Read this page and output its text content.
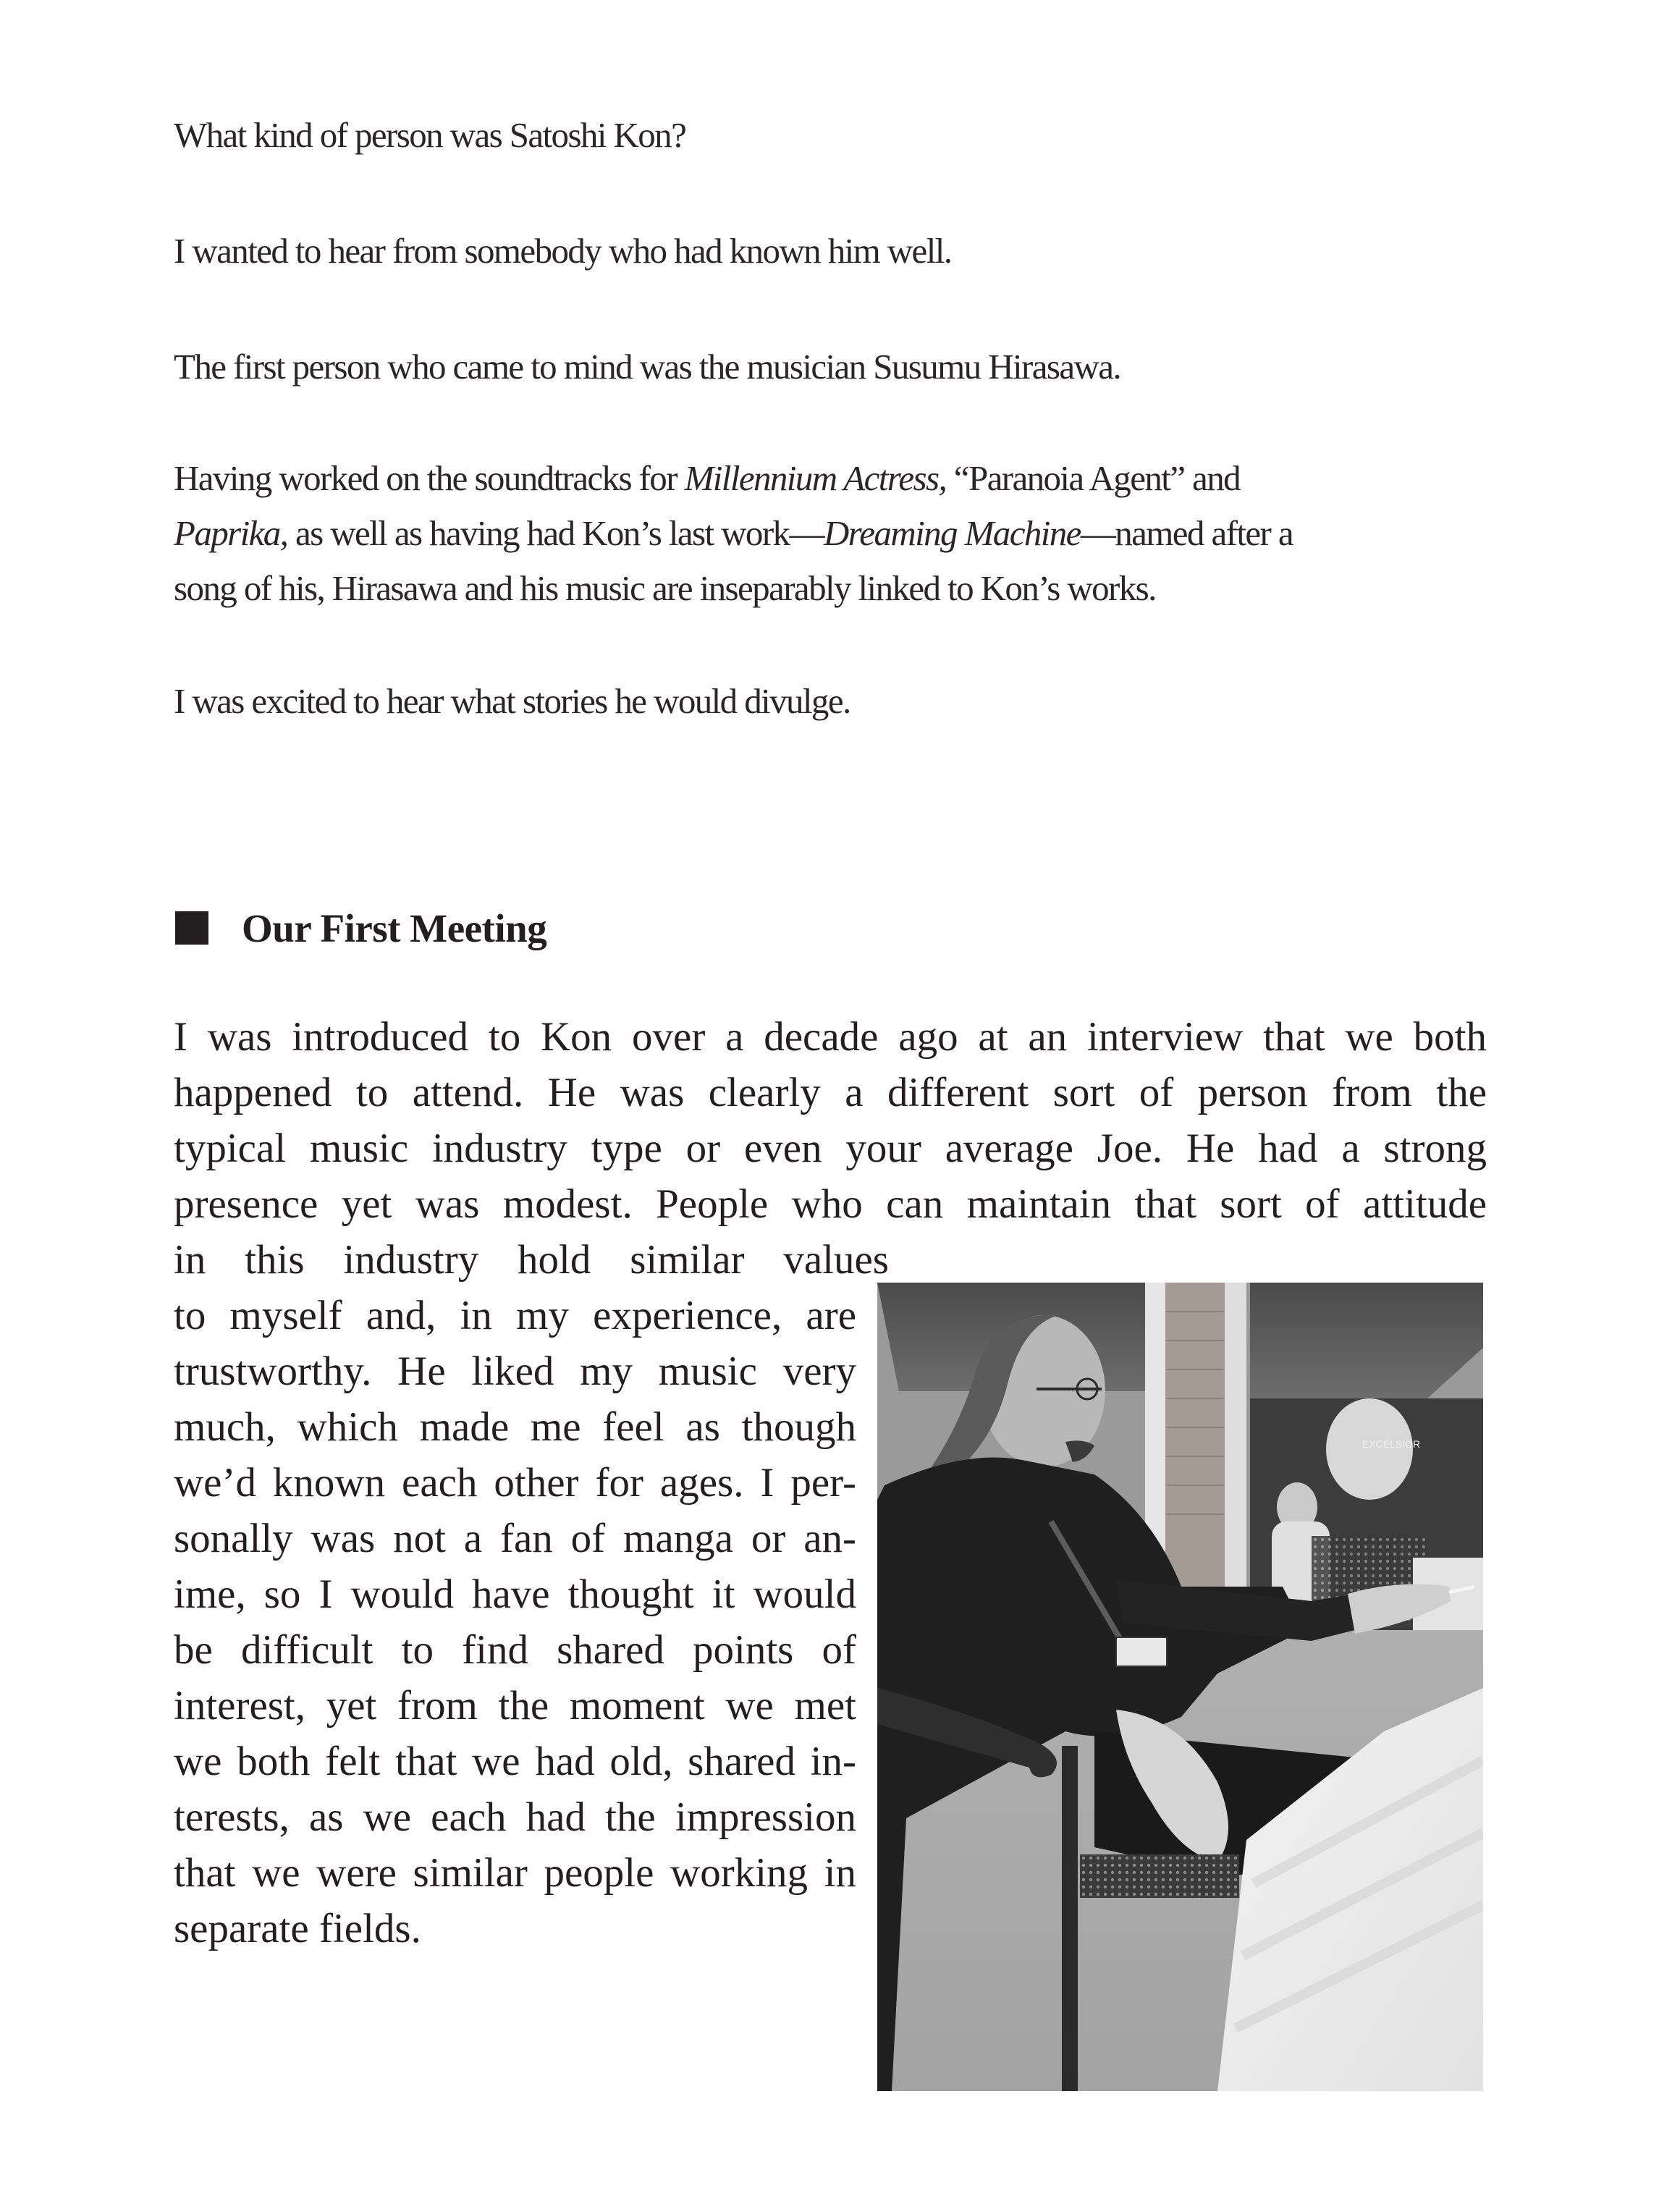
What kind of person was Satoshi Kon?
I wanted to hear from somebody who had known him well.
The first person who came to mind was the musician Susumu Hirasawa.
Having worked on the soundtracks for Millennium Actress, “Paranoia Agent” and
Paprika, as well as having had Kon’s last work—Dreaming Machine—named after a
song of his, Hirasawa and his music are inseparably linked to Kon’s works.
I was excited to hear what stories he would divulge.
Our First Meeting
I was introduced to Kon over a decade ago at an interview that we both
happened to attend. He was clearly a different sort of person from the
typical music industry type or even your average Joe. He had a strong
presence yet was modest. People who can maintain that sort of attitude
in this industry hold similar values
to myself and, in my experience, are
trustworthy. He liked my music very
much, which made me feel as though
we’d known each other for ages. I per-
sonally was not a fan of manga or an-
ime, so I would have thought it would
be difficult to find shared points of
interest, yet from the moment we met
we both felt that we had old, shared in-
terests, as we each had the impression
that we were similar people working in
separate fields.
EXCELSIOR
